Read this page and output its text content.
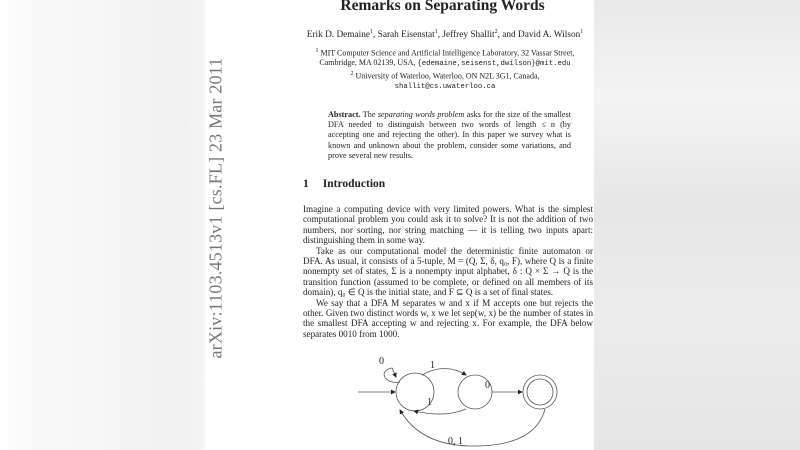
arXiv:1103.4513v1 [cs.FL] 23 Mar 2011
Remarks on Separating Words
Erik D. Demaine$^1$, Sarah Eisenstat$^1$, Jeffrey Shallit$^2$, and David A. Wilson$^1$
$^1$ MIT Computer Science and Artificial Intelligence Laboratory, 32 Vassar Street,
Cambridge, MA 02139, USA, {edemaine,seisenst,dwilson}@mit.edu
$^2$ University of Waterloo, Waterloo, ON N2L 3G1, Canada,
shallit@cs.uwaterloo.ca
Abstract. The separating words problem asks for the size of the smallest DFA needed to distinguish between two words of length ≤ n (by accepting one and rejecting the other). In this paper we survey what is known and unknown about the problem, consider some variations, and prove several new results.
1 Introduction

Imagine a computing device with very limited powers. What is the simplest computational problem you could ask it to solve? It is not the addition of two numbers, nor sorting, nor string matching — it is telling two inputs apart: distinguishing them in some way.

Take as our computational model the deterministic finite automaton or DFA. As usual, it consists of a 5-tuple, M = (Q, Σ, δ, q₀, F), where Q is a finite nonempty set of states, Σ is a nonempty input alphabet, δ : Q × Σ → Q is the transition function (assumed to be complete, or defined on all members of its domain), q₀ ∈ Q is the initial state, and F ⊆ Q is a set of final states.

We say that a DFA M separates w and x if M accepts one but rejects the other. Given two distinct words w, x we let sep(w, x) be the number of states in the smallest DFA accepting w and rejecting x. For example, the DFA below separates 0010 from 1000.

0	1
1
0
0, 1
